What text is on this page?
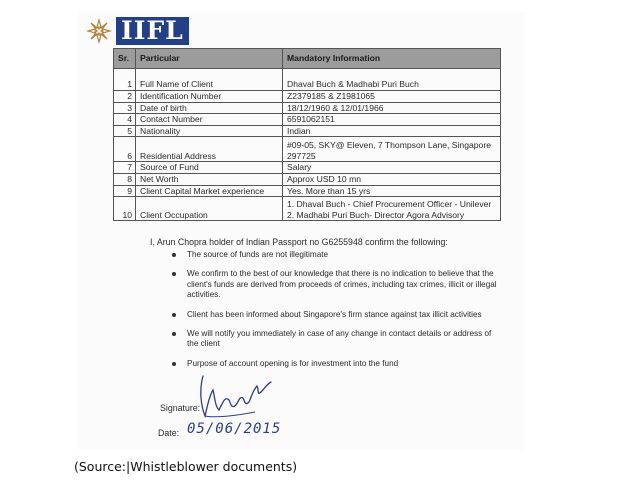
IIFL
Sr.	Particular	Mandatory Information
1	Full Name of Client	Dhaval Buch & Madhabi Puri Buch
2	Identification Number	Z2379185 & Z1981065
3	Date of birth	18/12/1960 & 12/01/1966
4	Contact Number	6591062151
5	Nationality	Indian
6	Residential Address	#09-05, SKY@ Eleven, 7 Thompson Lane, Singapore 297725
7	Source of Fund	Salary
8	Net Worth	Approx USD 10 mn
9	Client Capital Market experience	Yes. More than 15 yrs
10	Client Occupation	1. Dhaval Buch - Chief Procurement Officer - Unilever
2. Madhabi Puri Buch- Director Agora Advisory
I, Arun Chopra holder of Indian Passport no G6255948 confirm the following:
The source of funds are not illegitimate
We confirm to the best of our knowledge that there is no indication to believe that the client's funds are derived from proceeds of crimes, including tax crimes, illicit or illegal activities.
Client has been informed about Singapore's firm stance against tax illicit activities
We will notify you immediately in case of any change in contact details or address of the client
Purpose of account opening is for investment into the fund
Signature:
Date: 05/06/2015
(Source:|Whistleblower documents)
